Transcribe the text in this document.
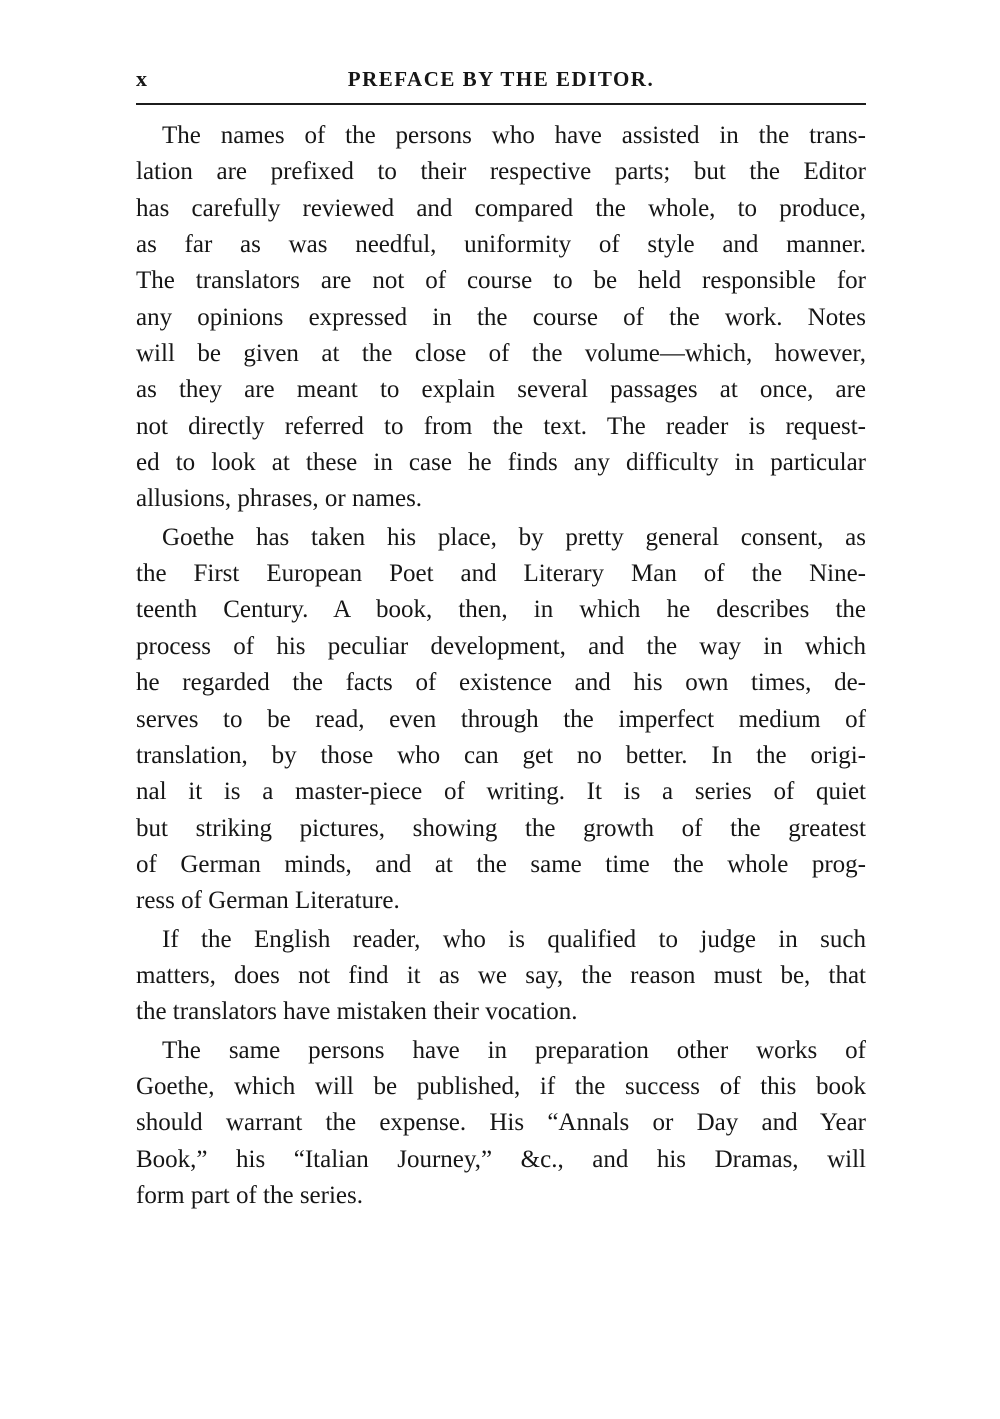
x	PREFACE BY THE EDITOR.
The names of the persons who have assisted in the trans-
lation are prefixed to their respective parts; but the Editor
has carefully reviewed and compared the whole, to produce,
as far as was needful, uniformity of style and manner.
The translators are not of course to be held responsible for
any opinions expressed in the course of the work. Notes
will be given at the close of the volume—which, however,
as they are meant to explain several passages at once, are
not directly referred to from the text. The reader is request-
ed to look at these in case he finds any difficulty in particular
allusions, phrases, or names.
Goethe has taken his place, by pretty general consent, as
the First European Poet and Literary Man of the Nine-
teenth Century. A book, then, in which he describes the
process of his peculiar development, and the way in which
he regarded the facts of existence and his own times, de-
serves to be read, even through the imperfect medium of
translation, by those who can get no better. In the origi-
nal it is a master-piece of writing. It is a series of quiet
but striking pictures, showing the growth of the greatest
of German minds, and at the same time the whole prog-
ress of German Literature.
If the English reader, who is qualified to judge in such
matters, does not find it as we say, the reason must be, that
the translators have mistaken their vocation.
The same persons have in preparation other works of
Goethe, which will be published, if the success of this book
should warrant the expense. His “Annals or Day and Year
Book,” his “Italian Journey,” &c., and his Dramas, will
form part of the series.
